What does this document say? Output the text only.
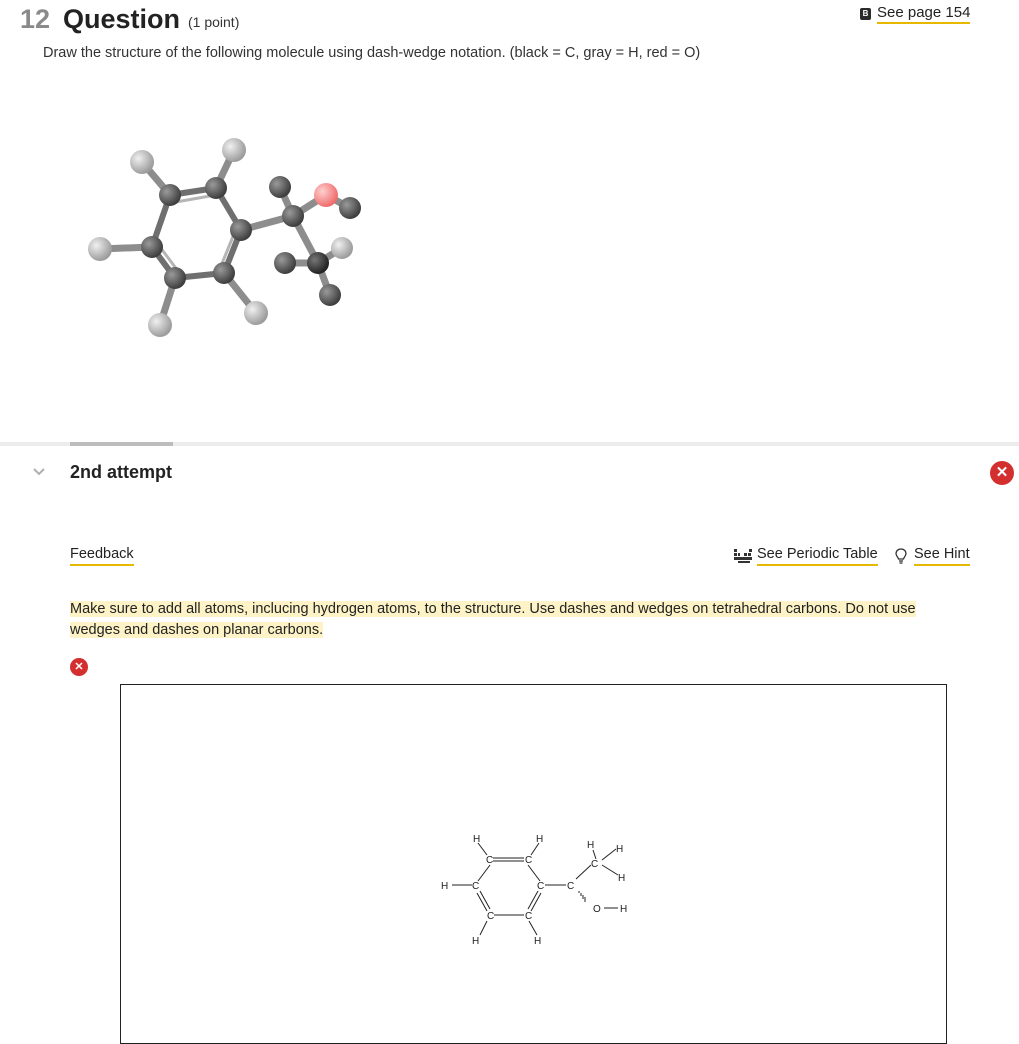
12 Question (1 point)
B See page 154
Draw the structure of the following molecule using dash-wedge notation. (black = C, gray = H, red = O)
2nd attempt	✕
Feedback	See Periodic Table	See Hint
Make sure to add all atoms, inclucing hydrogen atoms, to the structure. Use dashes and wedges on tetrahedral carbons. Do not use wedges and dashes on planar carbons.
✕
H	H
C	C
H C	C C
C	C
H	H
H
C
H
H
O H
